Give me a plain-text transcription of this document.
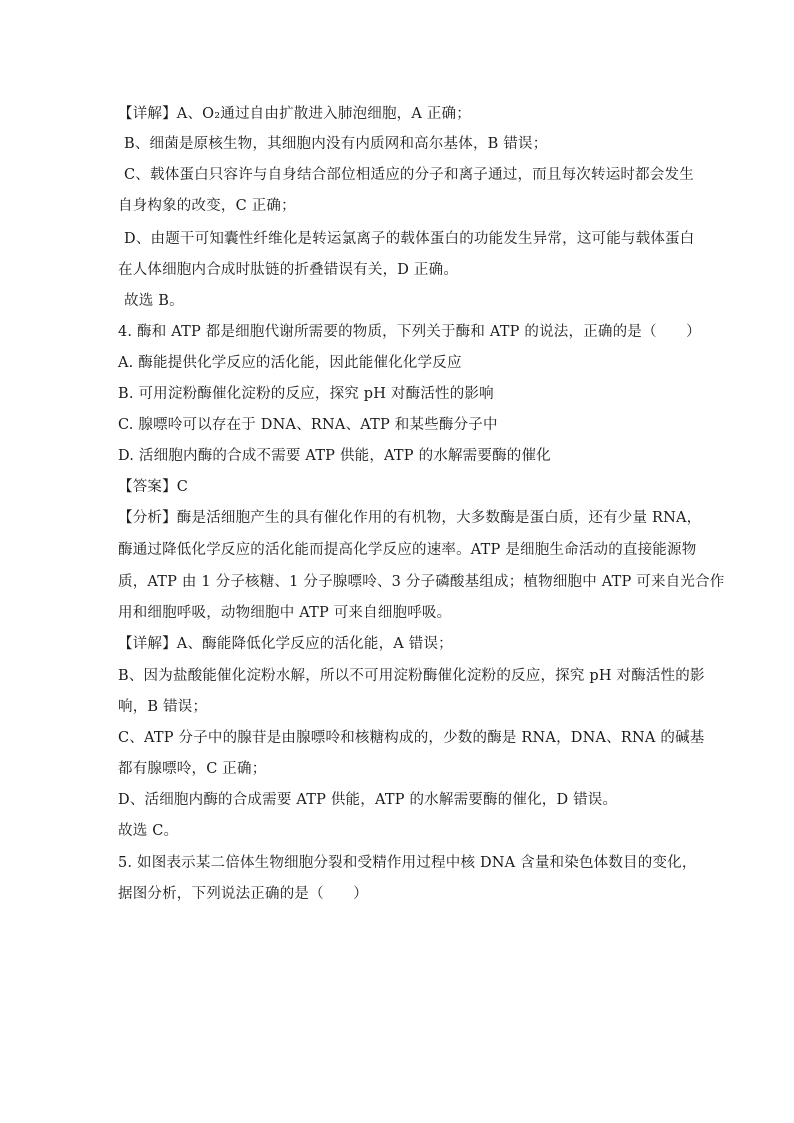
【详解】A、O₂通过自由扩散进入肺泡细胞，A 正确；
B、细菌是原核生物，其细胞内没有内质网和高尔基体，B 错误；
C、载体蛋白只容许与自身结合部位相适应的分子和离子通过，而且每次转运时都会发生
自身构象的改变，C 正确；
D、由题干可知囊性纤维化是转运氯离子的载体蛋白的功能发生异常，这可能与载体蛋白
在人体细胞内合成时肽链的折叠错误有关，D 正确。
故选 B。
4. 酶和 ATP 都是细胞代谢所需要的物质，下列关于酶和 ATP 的说法，正确的是（　　）
A. 酶能提供化学反应的活化能，因此能催化化学反应
B. 可用淀粉酶催化淀粉的反应，探究 pH 对酶活性的影响
C. 腺嘌呤可以存在于 DNA、RNA、ATP 和某些酶分子中
D. 活细胞内酶的合成不需要 ATP 供能，ATP 的水解需要酶的催化
【答案】C
【分析】酶是活细胞产生的具有催化作用的有机物，大多数酶是蛋白质，还有少量 RNA，
酶通过降低化学反应的活化能而提高化学反应的速率。ATP 是细胞生命活动的直接能源物
质，ATP 由 1 分子核糖、1 分子腺嘌呤、3 分子磷酸基组成；植物细胞中 ATP 可来自光合作
用和细胞呼吸，动物细胞中 ATP 可来自细胞呼吸。
【详解】A、酶能降低化学反应的活化能，A 错误；
B、因为盐酸能催化淀粉水解，所以不可用淀粉酶催化淀粉的反应，探究 pH 对酶活性的影
响，B 错误；
C、ATP 分子中的腺苷是由腺嘌呤和核糖构成的，少数的酶是 RNA，DNA、RNA 的碱基
都有腺嘌呤，C 正确；
D、活细胞内酶的合成需要 ATP 供能，ATP 的水解需要酶的催化，D 错误。
故选 C。
5. 如图表示某二倍体生物细胞分裂和受精作用过程中核 DNA 含量和染色体数目的变化，
据图分析，下列说法正确的是（　　）
